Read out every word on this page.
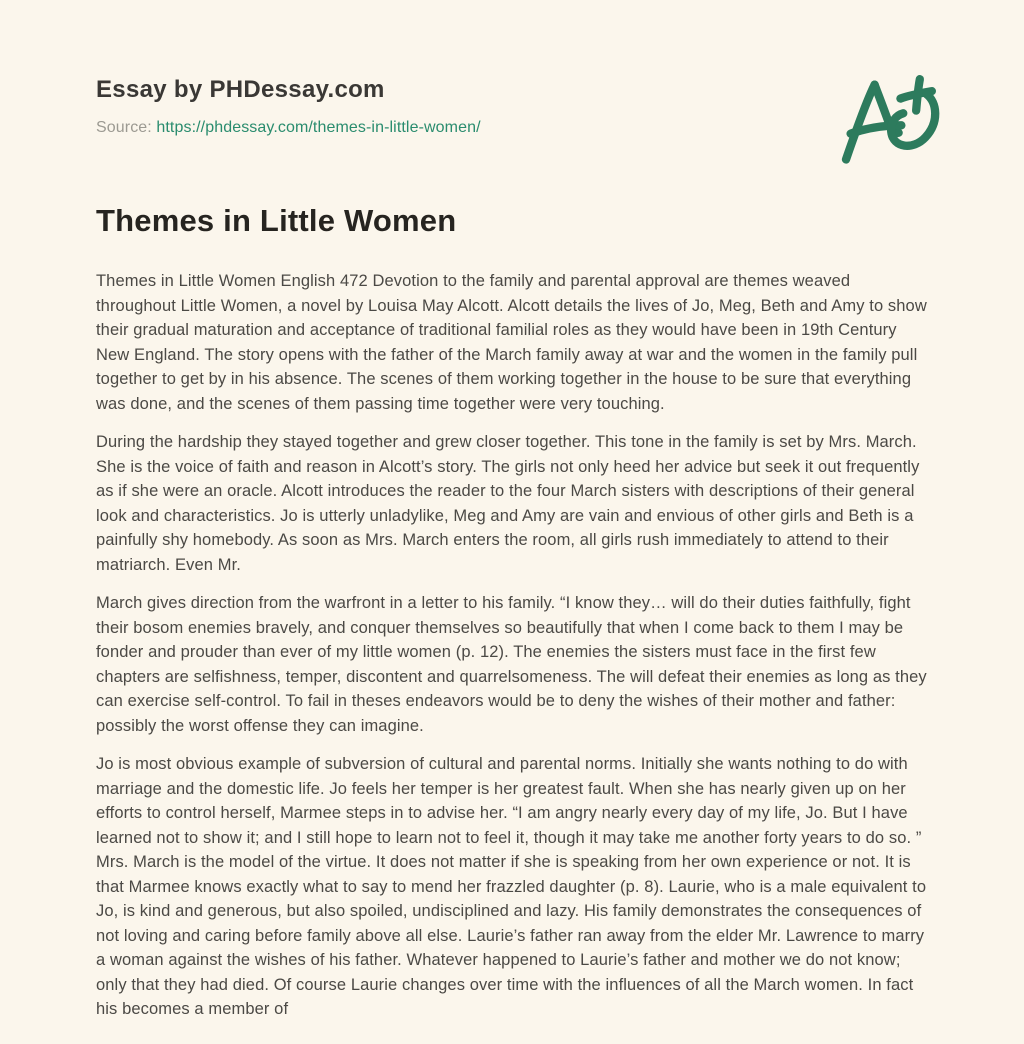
Essay by PHDessay.com
Source: https://phdessay.com/themes-in-little-women/
Themes in Little Women

Themes in Little Women English 472 Devotion to the family and parental approval are themes weaved throughout Little Women, a novel by Louisa May Alcott. Alcott details the lives of Jo, Meg, Beth and Amy to show their gradual maturation and acceptance of traditional familial roles as they would have been in 19th Century New England. The story opens with the father of the March family away at war and the women in the family pull together to get by in his absence. The scenes of them working together in the house to be sure that everything was done, and the scenes of them passing time together were very touching.

During the hardship they stayed together and grew closer together. This tone in the family is set by Mrs. March. She is the voice of faith and reason in Alcott’s story. The girls not only heed her advice but seek it out frequently as if she were an oracle. Alcott introduces the reader to the four March sisters with descriptions of their general look and characteristics. Jo is utterly unladylike, Meg and Amy are vain and envious of other girls and Beth is a painfully shy homebody. As soon as Mrs. March enters the room, all girls rush immediately to attend to their matriarch. Even Mr.

March gives direction from the warfront in a letter to his family. “I know they… will do their duties faithfully, fight their bosom enemies bravely, and conquer themselves so beautifully that when I come back to them I may be fonder and prouder than ever of my little women (p. 12). The enemies the sisters must face in the first few chapters are selfishness, temper, discontent and quarrelsomeness. The will defeat their enemies as long as they can exercise self-control. To fail in theses endeavors would be to deny the wishes of their mother and father: possibly the worst offense they can imagine.

Jo is most obvious example of subversion of cultural and parental norms. Initially she wants nothing to do with marriage and the domestic life. Jo feels her temper is her greatest fault. When she has nearly given up on her efforts to control herself, Marmee steps in to advise her. “I am angry nearly every day of my life, Jo. But I have learned not to show it; and I still hope to learn not to feel it, though it may take me another forty years to do so. ” Mrs. March is the model of the virtue. It does not matter if she is speaking from her own experience or not. It is that Marmee knows exactly what to say to mend her frazzled daughter (p. 8). Laurie, who is a male equivalent to Jo, is kind and generous, but also spoiled, undisciplined and lazy. His family demonstrates the consequences of not loving and caring before family above all else. Laurie’s father ran away from the elder Mr. Lawrence to marry a woman against the wishes of his father. Whatever happened to Laurie’s father and mother we do not know; only that they had died. Of course Laurie changes over time with the influences of all the March women. In fact his becomes a member of
